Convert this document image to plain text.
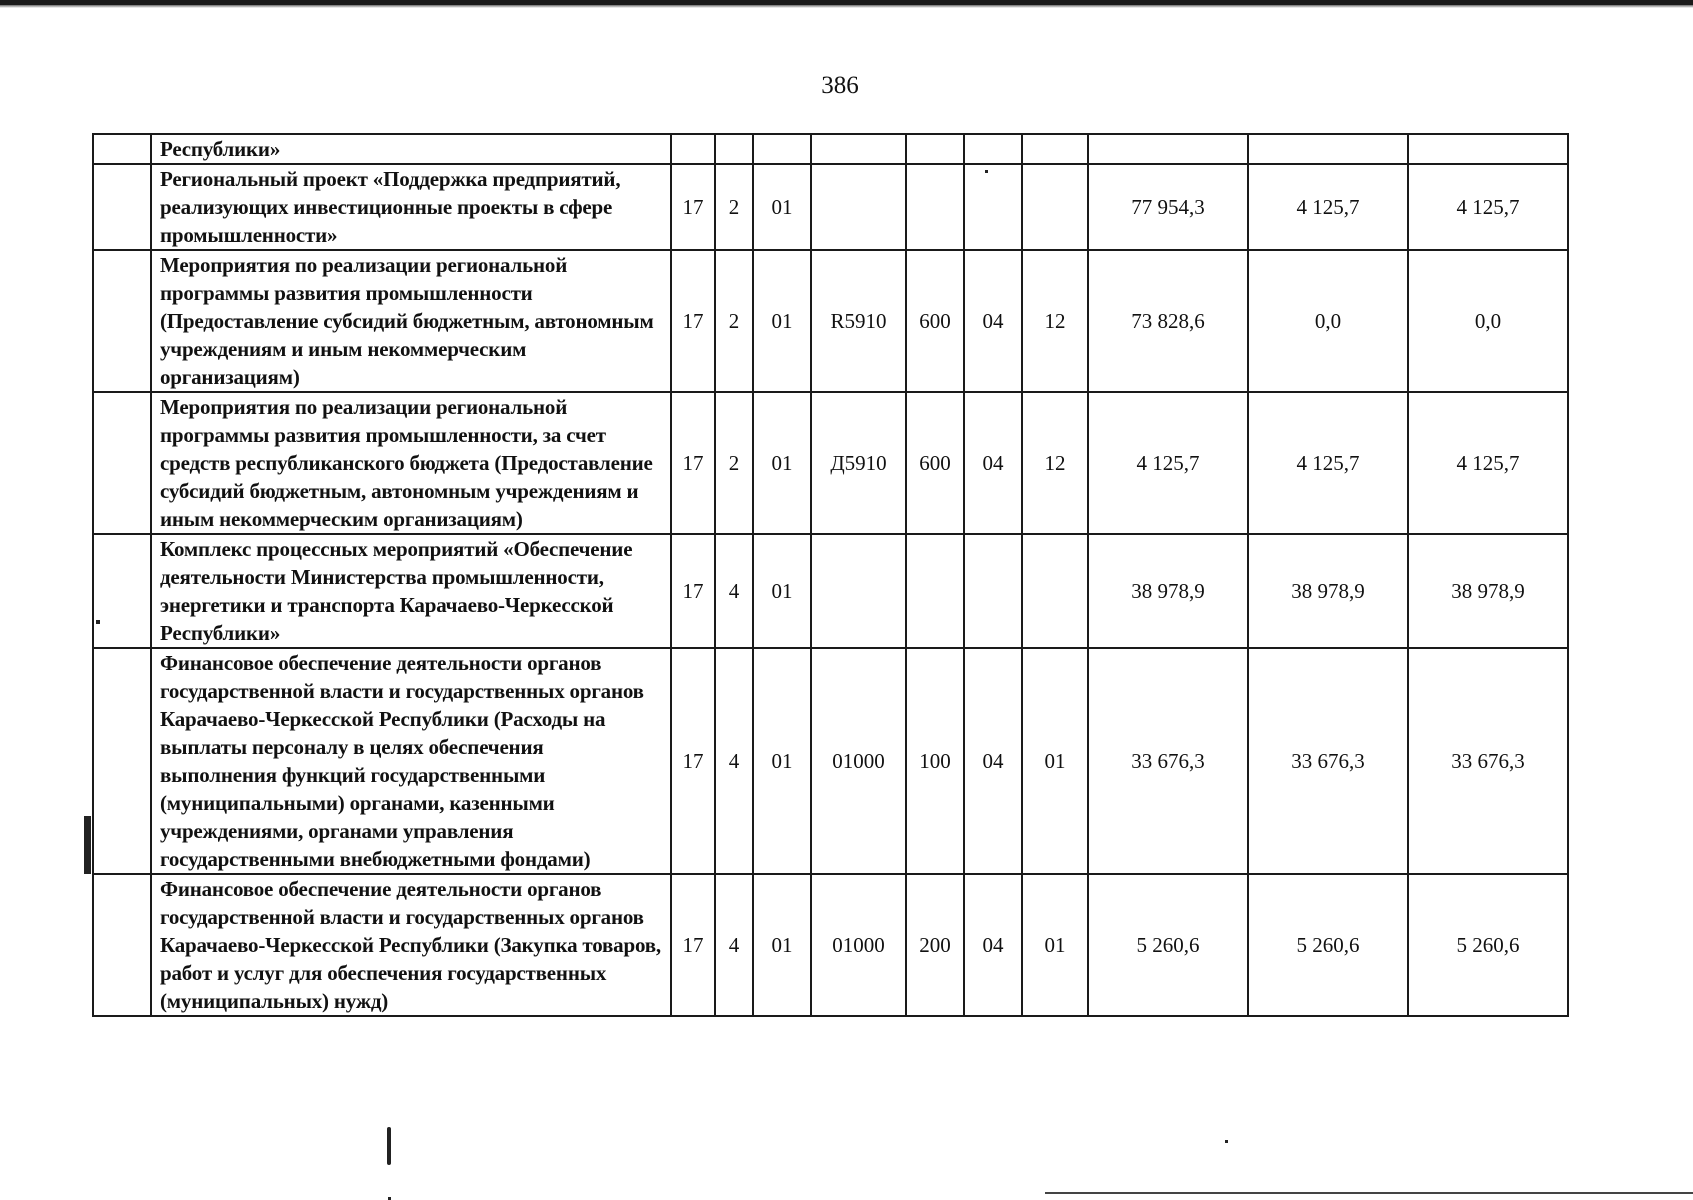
386
	Республики»										
	Региональный проект «Поддержка предприятий, реализующих инвестиционные проекты в сфере промышленности»	17	2	01					77 954,3	4 125,7	4 125,7
	Мероприятия по реализации региональной программы развития промышленности (Предоставление субсидий бюджетным, автономным учреждениям и иным некоммерческим организациям)	17	2	01	R5910	600	04	12	73 828,6	0,0	0,0
	Мероприятия по реализации региональной программы развития промышленности, за счет средств республиканского бюджета (Предоставление субсидий бюджетным, автономным учреждениям и иным некоммерческим организациям)	17	2	01	Д5910	600	04	12	4 125,7	4 125,7	4 125,7
	Комплекс процессных мероприятий «Обеспечение деятельности Министерства промышленности, энергетики и транспорта Карачаево-Черкесской Республики»	17	4	01					38 978,9	38 978,9	38 978,9
	Финансовое обеспечение деятельности органов государственной власти и государственных органов Карачаево-Черкесской Республики (Расходы на выплаты персоналу в целях обеспечения выполнения функций государственными (муниципальными) органами, казенными учреждениями, органами управления государственными внебюджетными фондами)	17	4	01	01000	100	04	01	33 676,3	33 676,3	33 676,3
	Финансовое обеспечение деятельности органов государственной власти и государственных органов Карачаево-Черкесской Республики (Закупка товаров, работ и услуг для обеспечения государственных (муниципальных) нужд)	17	4	01	01000	200	04	01	5 260,6	5 260,6	5 260,6
